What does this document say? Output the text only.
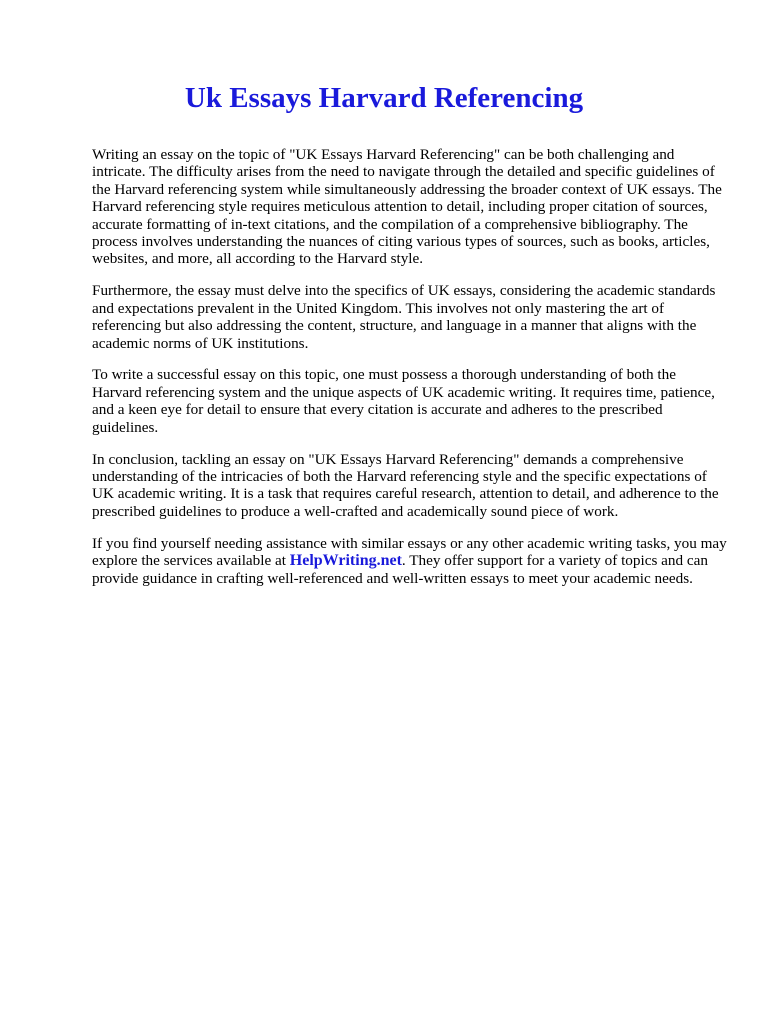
Uk Essays Harvard Referencing

Writing an essay on the topic of "UK Essays Harvard Referencing" can be both challenging and intricate. The difficulty arises from the need to navigate through the detailed and specific guidelines of the Harvard referencing system while simultaneously addressing the broader context of UK essays. The Harvard referencing style requires meticulous attention to detail, including proper citation of sources, accurate formatting of in-text citations, and the compilation of a comprehensive bibliography. The process involves understanding the nuances of citing various types of sources, such as books, articles, websites, and more, all according to the Harvard style.

Furthermore, the essay must delve into the specifics of UK essays, considering the academic standards and expectations prevalent in the United Kingdom. This involves not only mastering the art of referencing but also addressing the content, structure, and language in a manner that aligns with the academic norms of UK institutions.

To write a successful essay on this topic, one must possess a thorough understanding of both the Harvard referencing system and the unique aspects of UK academic writing. It requires time, patience, and a keen eye for detail to ensure that every citation is accurate and adheres to the prescribed guidelines.

In conclusion, tackling an essay on "UK Essays Harvard Referencing" demands a comprehensive understanding of the intricacies of both the Harvard referencing style and the specific expectations of UK academic writing. It is a task that requires careful research, attention to detail, and adherence to the prescribed guidelines to produce a well-crafted and academically sound piece of work.

If you find yourself needing assistance with similar essays or any other academic writing tasks, you may explore the services available at HelpWriting.net. They offer support for a variety of topics and can provide guidance in crafting well-referenced and well-written essays to meet your academic needs.
